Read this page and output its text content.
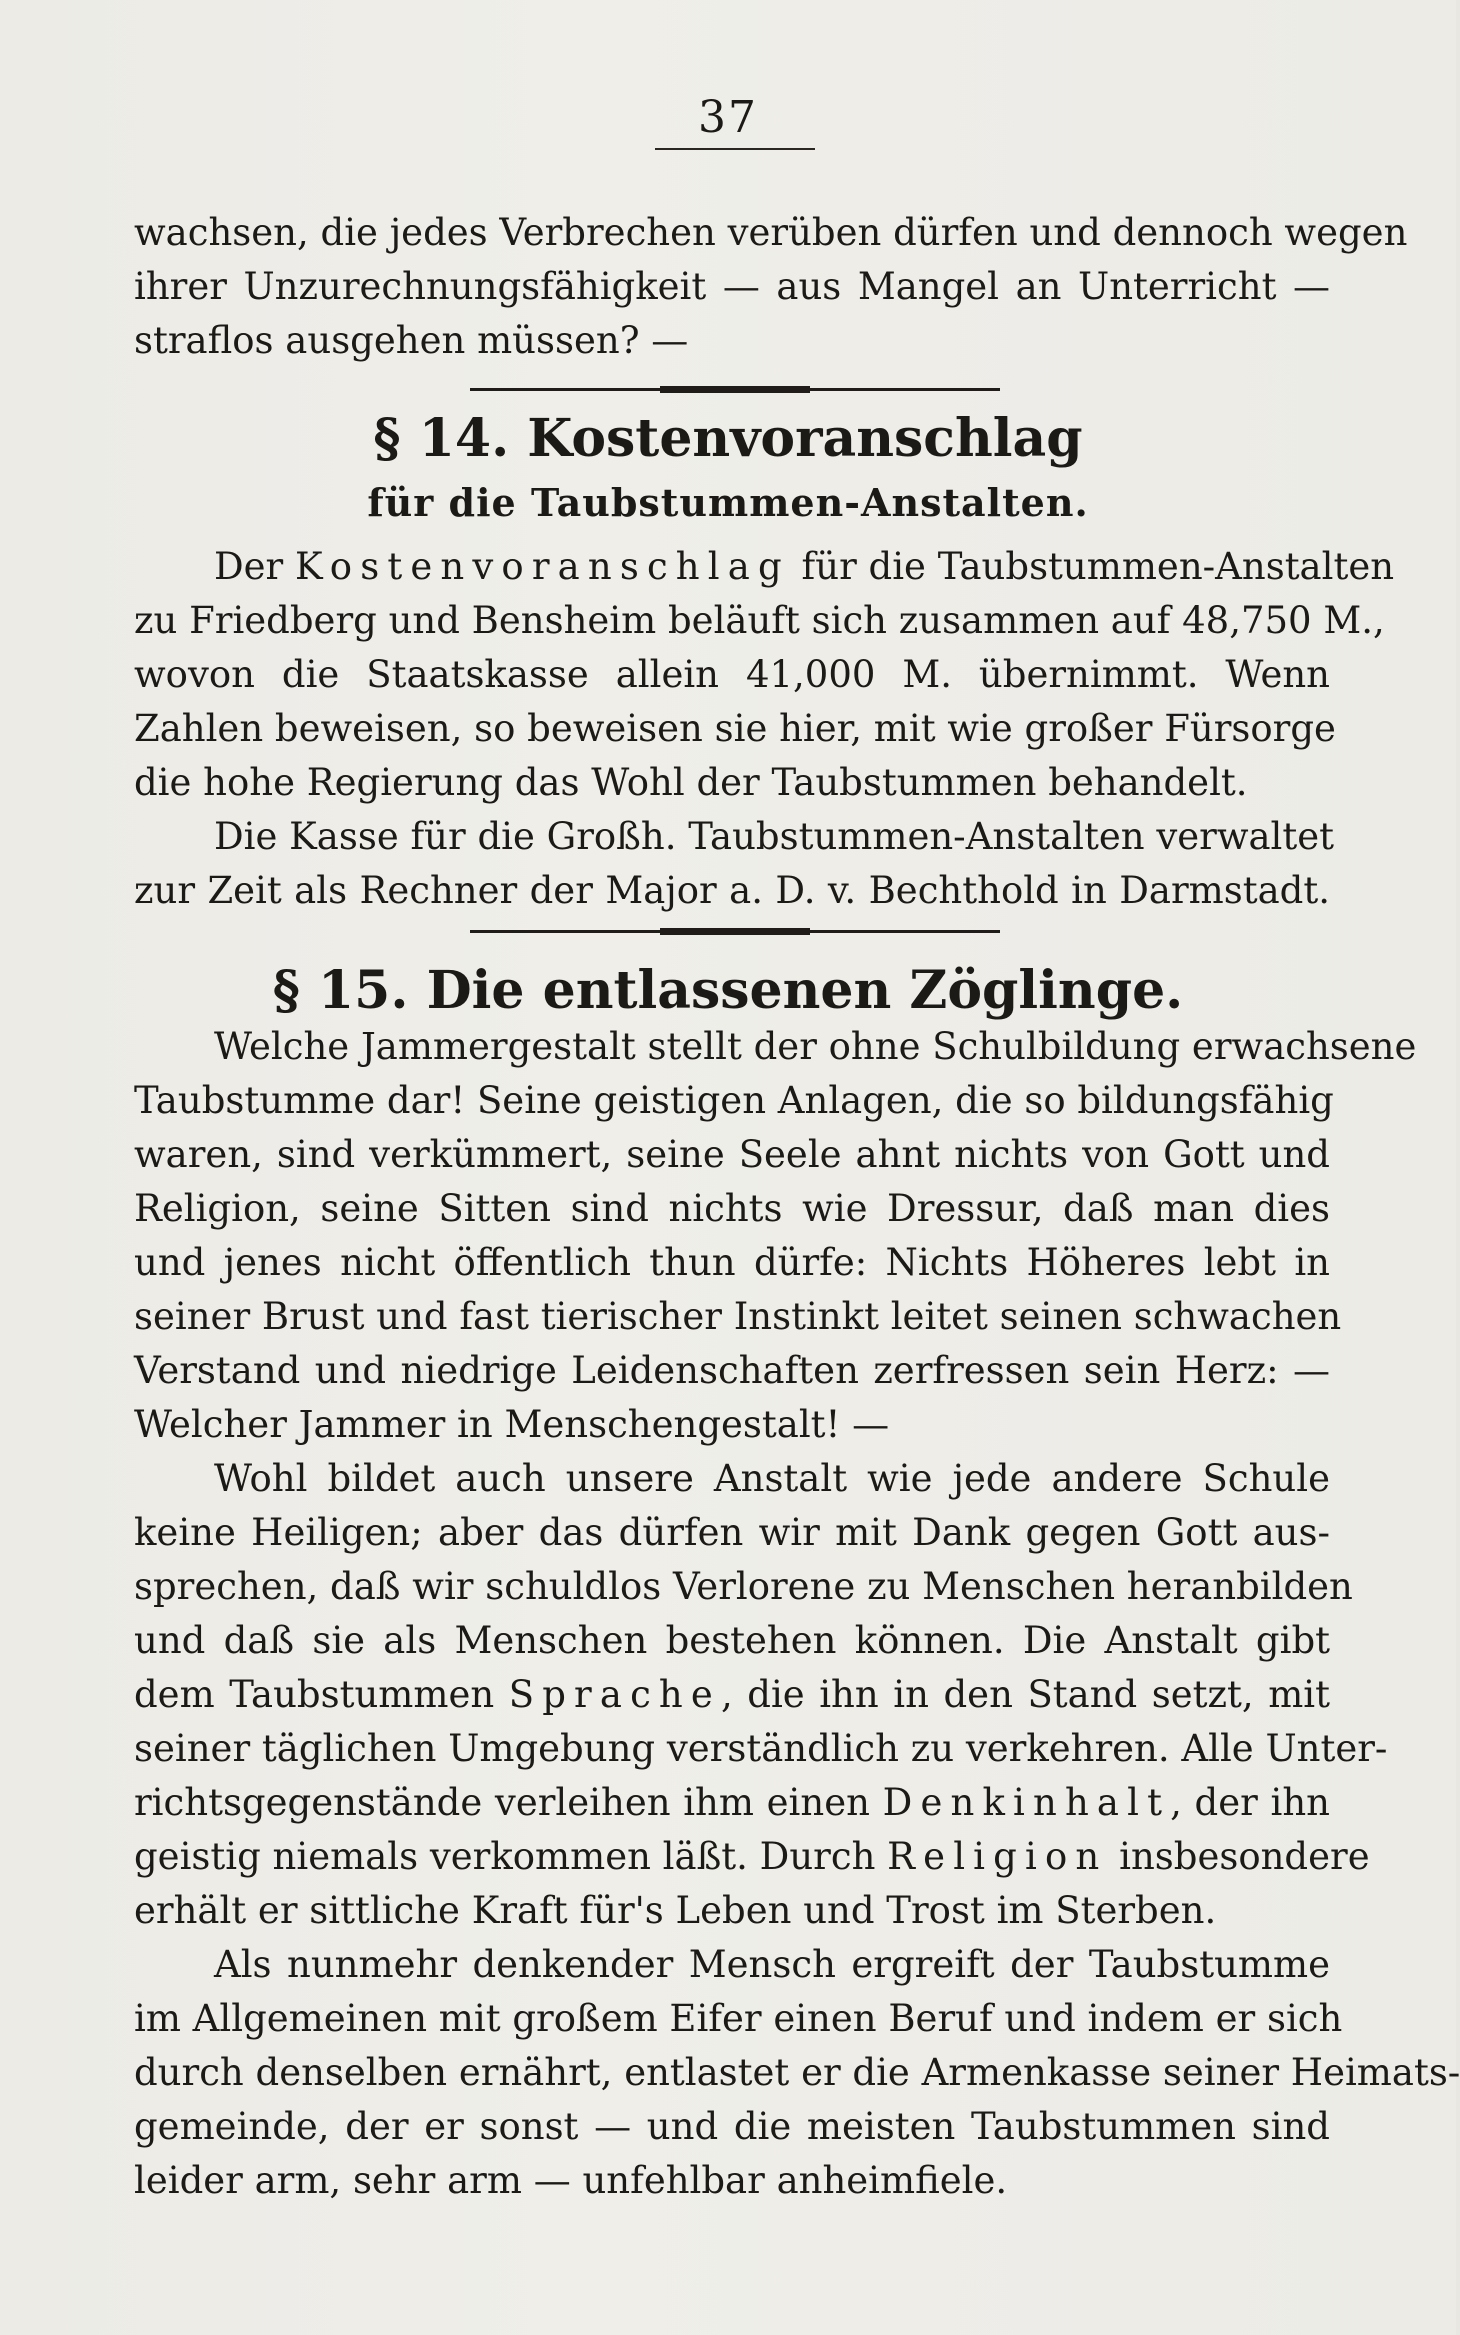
37
wachsen, die jedes Verbrechen verüben dürfen und dennoch wegen
ihrer Unzurechnungsfähigkeit — aus Mangel an Unterricht —
straflos ausgehen müssen? —
§ 14. Kostenvoranschlag
für die Taubstummen-Anstalten.
Der Kostenvoranschlag für die Taubstummen-Anstalten
zu Friedberg und Bensheim beläuft sich zusammen auf 48,750 M.,
wovon die Staatskasse allein 41,000 M. übernimmt. Wenn
Zahlen beweisen, so beweisen sie hier, mit wie großer Fürsorge
die hohe Regierung das Wohl der Taubstummen behandelt.
Die Kasse für die Großh. Taubstummen-Anstalten verwaltet
zur Zeit als Rechner der Major a. D. v. Bechthold in Darmstadt.
§ 15. Die entlassenen Zöglinge.
Welche Jammergestalt stellt der ohne Schulbildung erwachsene
Taubstumme dar! Seine geistigen Anlagen, die so bildungsfähig
waren, sind verkümmert, seine Seele ahnt nichts von Gott und
Religion, seine Sitten sind nichts wie Dressur, daß man dies
und jenes nicht öffentlich thun dürfe: Nichts Höheres lebt in
seiner Brust und fast tierischer Instinkt leitet seinen schwachen
Verstand und niedrige Leidenschaften zerfressen sein Herz: —
Welcher Jammer in Menschengestalt! —
Wohl bildet auch unsere Anstalt wie jede andere Schule
keine Heiligen; aber das dürfen wir mit Dank gegen Gott aus-
sprechen, daß wir schuldlos Verlorene zu Menschen heranbilden
und daß sie als Menschen bestehen können. Die Anstalt gibt
dem Taubstummen Sprache, die ihn in den Stand setzt, mit
seiner täglichen Umgebung verständlich zu verkehren. Alle Unter-
richtsgegenstände verleihen ihm einen Denkinhalt, der ihn
geistig niemals verkommen läßt. Durch Religion insbesondere
erhält er sittliche Kraft für's Leben und Trost im Sterben.
Als nunmehr denkender Mensch ergreift der Taubstumme
im Allgemeinen mit großem Eifer einen Beruf und indem er sich
durch denselben ernährt, entlastet er die Armenkasse seiner Heimats-
gemeinde, der er sonst — und die meisten Taubstummen sind
leider arm, sehr arm — unfehlbar anheimfiele.
